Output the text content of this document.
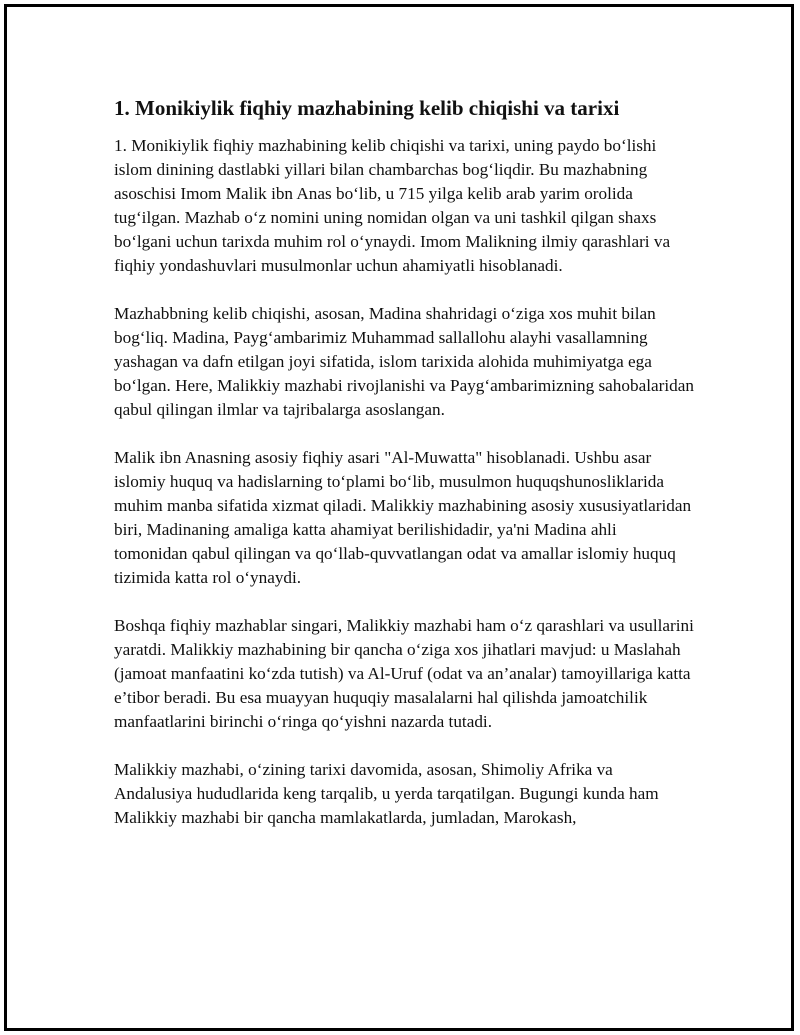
1. Monikiylik fiqhiy mazhabining kelib chiqishi va tarixi

1. Monikiylik fiqhiy mazhabining kelib chiqishi va tarixi, uning paydo bo‘lishi islom dinining dastlabki yillari bilan chambarchas bog‘liqdir. Bu mazhabning asoschisi Imom Malik ibn Anas bo‘lib, u 715 yilga kelib arab yarim orolida tug‘ilgan. Mazhab o‘z nomini uning nomidan olgan va uni tashkil qilgan shaxs bo‘lgani uchun tarixda muhim rol o‘ynaydi. Imom Malikning ilmiy qarashlari va fiqhiy yondashuvlari musulmonlar uchun ahamiyatli hisoblanadi.

Mazhabbning kelib chiqishi, asosan, Madina shahridagi o‘ziga xos muhit bilan bog‘liq. Madina, Payg‘ambarimiz Muhammad sallallohu alayhi vasallamning yashagan va dafn etilgan joyi sifatida, islom tarixida alohida muhimiyatga ega bo‘lgan. Here, Malikkiy mazhabi rivojlanishi va Payg‘ambarimizning sahobalaridan qabul qilingan ilmlar va tajribalarga asoslangan.

Malik ibn Anasning asosiy fiqhiy asari "Al-Muwatta" hisoblanadi. Ushbu asar islomiy huquq va hadislarning to‘plami bo‘lib, musulmon huquqshunosliklarida muhim manba sifatida xizmat qiladi. Malikkiy mazhabining asosiy xususiyatlaridan biri, Madinaning amaliga katta ahamiyat berilishidadir, ya'ni Madina ahli tomonidan qabul qilingan va qo‘llab-quvvatlangan odat va amallar islomiy huquq tizimida katta rol o‘ynaydi.

Boshqa fiqhiy mazhablar singari, Malikkiy mazhabi ham o‘z qarashlari va usullarini yaratdi. Malikkiy mazhabining bir qancha o‘ziga xos jihatlari mavjud: u Maslahah (jamoat manfaatini ko‘zda tutish) va Al-Uruf (odat va an’analar) tamoyillariga katta e’tibor beradi. Bu esa muayyan huquqiy masalalarni hal qilishda jamoatchilik manfaatlarini birinchi o‘ringa qo‘yishni nazarda tutadi.

Malikkiy mazhabi, o‘zining tarixi davomida, asosan, Shimoliy Afrika va Andalusiya hududlarida keng tarqalib, u yerda tarqatilgan. Bugungi kunda ham Malikkiy mazhabi bir qancha mamlakatlarda, jumladan, Marokash,
